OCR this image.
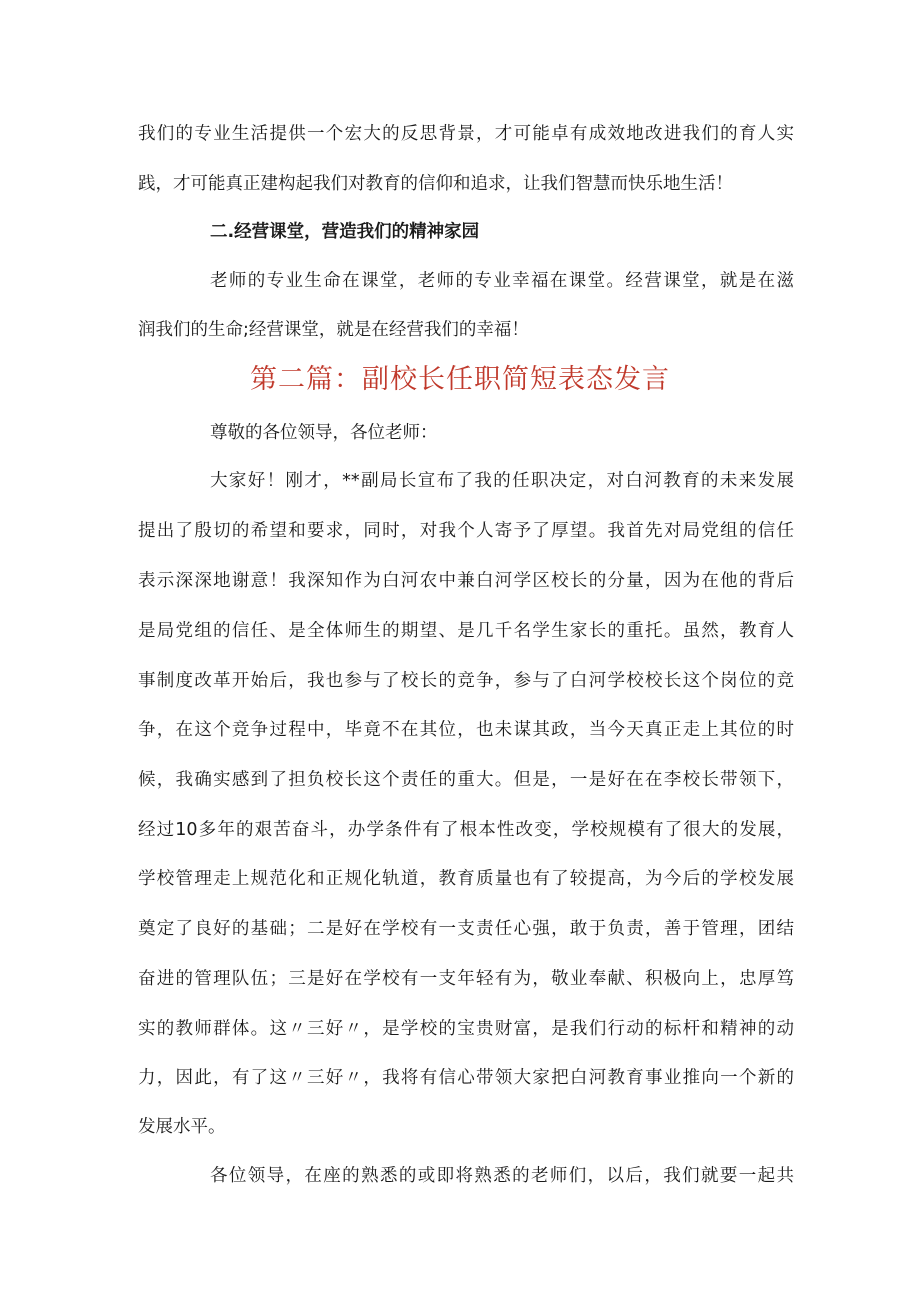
我们的专业生活提供一个宏大的反思背景，才可能卓有成效地改进我们的育人实
践，才可能真正建构起我们对教育的信仰和追求，让我们智慧而快乐地生活！
二.经营课堂，营造我们的精神家园
老师的专业生命在课堂，老师的专业幸福在课堂。经营课堂，就是在滋
润我们的生命;经营课堂，就是在经营我们的幸福！
第二篇：副校长任职简短表态发言
尊敬的各位领导，各位老师：
大家好！刚才，**副局长宣布了我的任职决定，对白河教育的未来发展
提出了殷切的希望和要求，同时，对我个人寄予了厚望。我首先对局党组的信任
表示深深地谢意！我深知作为白河农中兼白河学区校长的分量，因为在他的背后
是局党组的信任、是全体师生的期望、是几千名学生家长的重托。虽然，教育人
事制度改革开始后，我也参与了校长的竞争，参与了白河学校校长这个岗位的竞
争，在这个竞争过程中，毕竟不在其位，也未谋其政，当今天真正走上其位的时
候，我确实感到了担负校长这个责任的重大。但是，一是好在在李校长带领下，
经过10多年的艰苦奋斗，办学条件有了根本性改变，学校规模有了很大的发展，
学校管理走上规范化和正规化轨道，教育质量也有了较提高，为今后的学校发展
奠定了良好的基础；二是好在学校有一支责任心强，敢于负责，善于管理，团结
奋进的管理队伍；三是好在学校有一支年轻有为，敬业奉献、积极向上，忠厚笃
实的教师群体。这〃三好〃，是学校的宝贵财富，是我们行动的标杆和精神的动
力，因此，有了这〃三好〃，我将有信心带领大家把白河教育事业推向一个新的
发展水平。
各位领导，在座的熟悉的或即将熟悉的老师们，以后，我们就要一起共
